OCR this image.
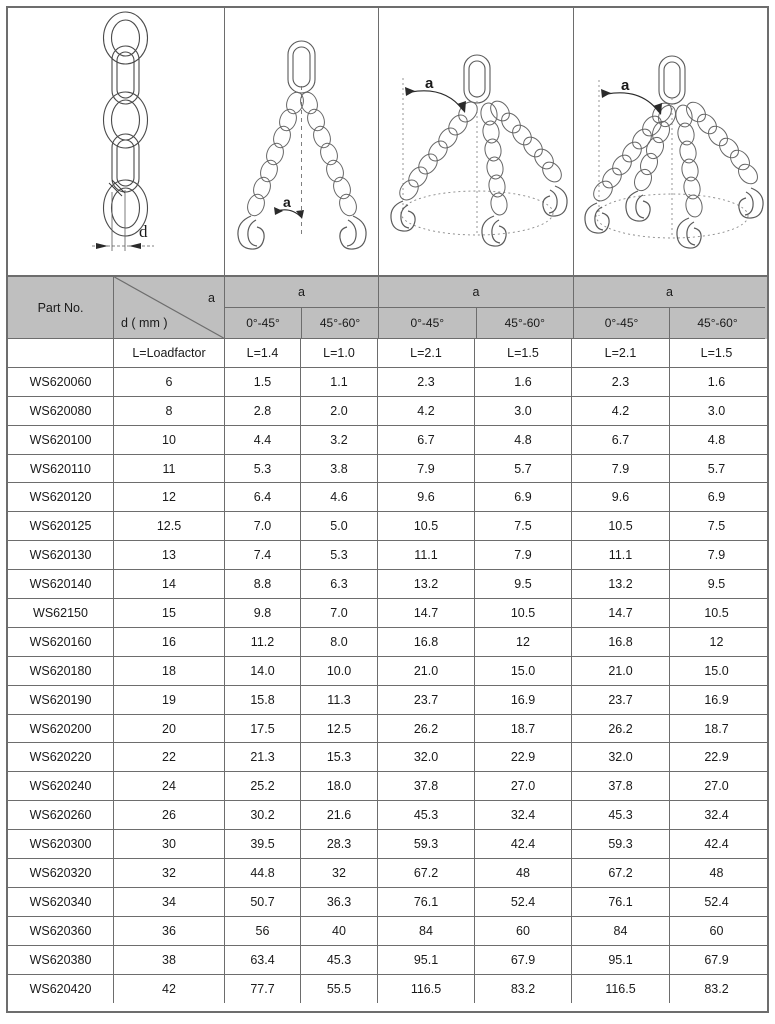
d
a
a	a
Part No.
a
d ( mm )
a
0°-45°	45°-60°
a
0°-45°	45°-60°
a
0°-45°	45°-60°
L=Loadfactor	L=1.4	L=1.0	L=2.1	L=1.5	L=2.1	L=1.5
WS620060	6	1.5	1.1	2.3	1.6	2.3	1.6
WS620080	8	2.8	2.0	4.2	3.0	4.2	3.0
WS620100	10	4.4	3.2	6.7	4.8	6.7	4.8
WS620110	11	5.3	3.8	7.9	5.7	7.9	5.7
WS620120	12	6.4	4.6	9.6	6.9	9.6	6.9
WS620125	12.5	7.0	5.0	10.5	7.5	10.5	7.5
WS620130	13	7.4	5.3	11.1	7.9	11.1	7.9
WS620140	14	8.8	6.3	13.2	9.5	13.2	9.5
WS62150	15	9.8	7.0	14.7	10.5	14.7	10.5
WS620160	16	11.2	8.0	16.8	12	16.8	12
WS620180	18	14.0	10.0	21.0	15.0	21.0	15.0
WS620190	19	15.8	11.3	23.7	16.9	23.7	16.9
WS620200	20	17.5	12.5	26.2	18.7	26.2	18.7
WS620220	22	21.3	15.3	32.0	22.9	32.0	22.9
WS620240	24	25.2	18.0	37.8	27.0	37.8	27.0
WS620260	26	30.2	21.6	45.3	32.4	45.3	32.4
WS620300	30	39.5	28.3	59.3	42.4	59.3	42.4
WS620320	32	44.8	32	67.2	48	67.2	48
WS620340	34	50.7	36.3	76.1	52.4	76.1	52.4
WS620360	36	56	40	84	60	84	60
WS620380	38	63.4	45.3	95.1	67.9	95.1	67.9
WS620420	42	77.7	55.5	116.5	83.2	116.5	83.2
